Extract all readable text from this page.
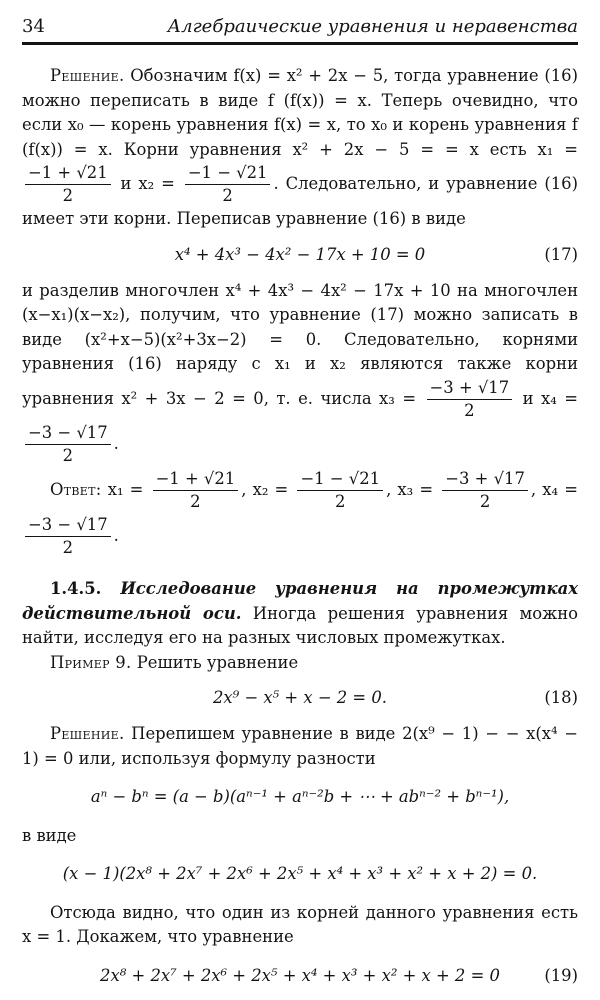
34	Алгебраические уравнения и неравенства

Решение. Обозначим f(x) = x² + 2x − 5, тогда уравнение (16) можно переписать в виде f (f(x)) = x. Теперь очевидно, что если x₀ — корень уравнения f(x) = x, то x₀ и корень уравнения f (f(x)) = x. Корни уравнения x² + 2x − 5 = = x есть x₁ =
$\frac{-1 + √21}{2}$ и $x_2 = \frac{-1 - √21}{2}$ . Следовательно, и уравнение (16) имеет эти корни. Переписав уравнение (16) в виде

x⁴ + 4x³ − 4x² − 17x + 10 = 0	(17)

и разделив многочлен x⁴ + 4x³ − 4x² − 17x + 10 на многочлен (x−x₁)(x−x₂), получим, что уравнение (17) можно записать в виде (x²+x−5)(x²+3x−2) = 0. Следовательно, корнями уравнения (16) наряду с x₁ и x₂ являются также корни уравнения x² + 3x − 2 = 0, т. е. числа $x_3 = \frac{-3 + √17}{2}$ и x₄ =
$\frac{-3 - √17}{2}$ .

Ответ: $x_1 = \frac{-1 + √21}{2}$ , $x_2 = \frac{-1 - √21}{2}$ , $x_3 = \frac{-3 + √17}{2}$ , x₄ =
$\frac{-3 - √17}{2}$ .

1.4.5. Исследование уравнения на промежутках действительной оси. Иногда решения уравнения можно найти, исследуя его на разных числовых промежутках.

Пример 9. Решить уравнение

2x⁹ − x⁵ + x − 2 = 0.	(18)

Решение. Перепишем уравнение в виде 2(x⁹ − 1) − − x(x⁴ − 1) = 0 или, используя формулу разности

aⁿ − bⁿ = (a − b)(aⁿ⁻¹ + aⁿ⁻²b + ⋯ + abⁿ⁻² + bⁿ⁻¹),

в виде

(x − 1)(2x⁸ + 2x⁷ + 2x⁶ + 2x⁵ + x⁴ + x³ + x² + x + 2) = 0.

Отсюда видно, что один из корней данного уравнения есть x = 1. Докажем, что уравнение

2x⁸ + 2x⁷ + 2x⁶ + 2x⁵ + x⁴ + x³ + x² + x + 2 = 0	(19)
